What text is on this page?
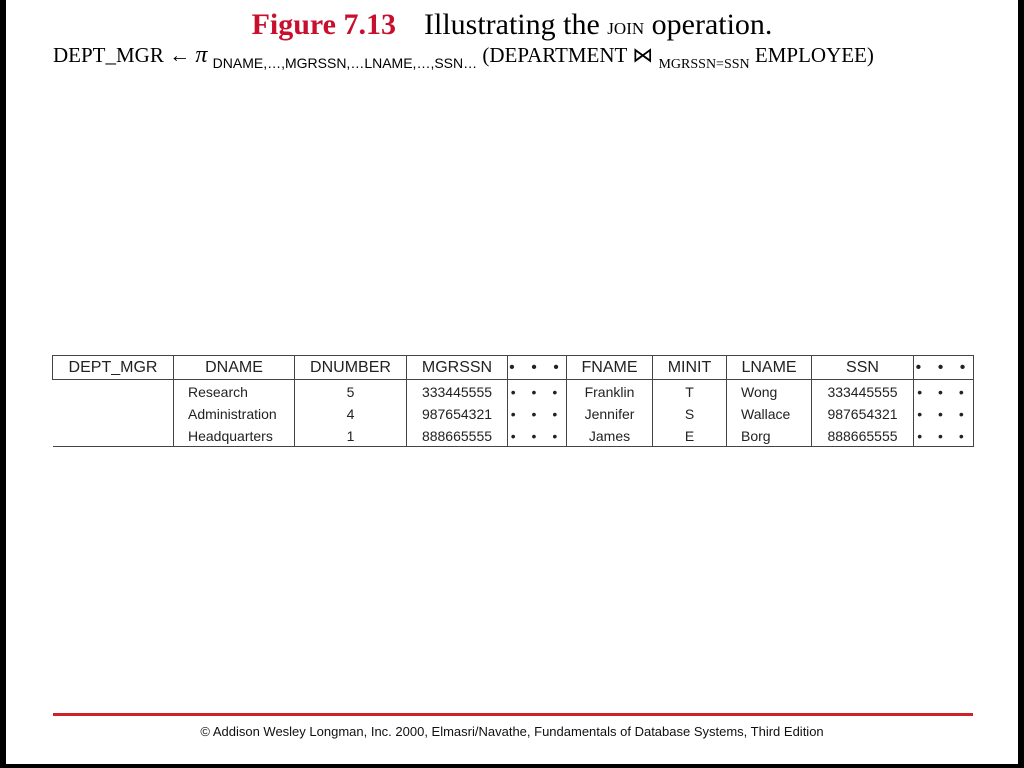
Figure 7.13 Illustrating the join operation.
DEPT_MGR ← π $_{DNAME,\dots,MGRSSN,\dots LNAME,\dots,SSN\dots}$ (DEPARTMENT ⋈ $_{MGRSSN=SSN}$ EMPLOYEE)
DEPT_MGR	DNAME	DNUMBER	MGRSSN	• • •	FNAME	MINIT	LNAME	SSN	• • •
	Research	5	333445555	• • •	Franklin	T	Wong	333445555	• • •
	Administration	4	987654321	• • •	Jennifer	S	Wallace	987654321	• • •
	Headquarters	1	888665555	• • •	James	E	Borg	888665555	• • •
© Addison Wesley Longman, Inc. 2000, Elmasri/Navathe, Fundamentals of Database Systems, Third Edition
